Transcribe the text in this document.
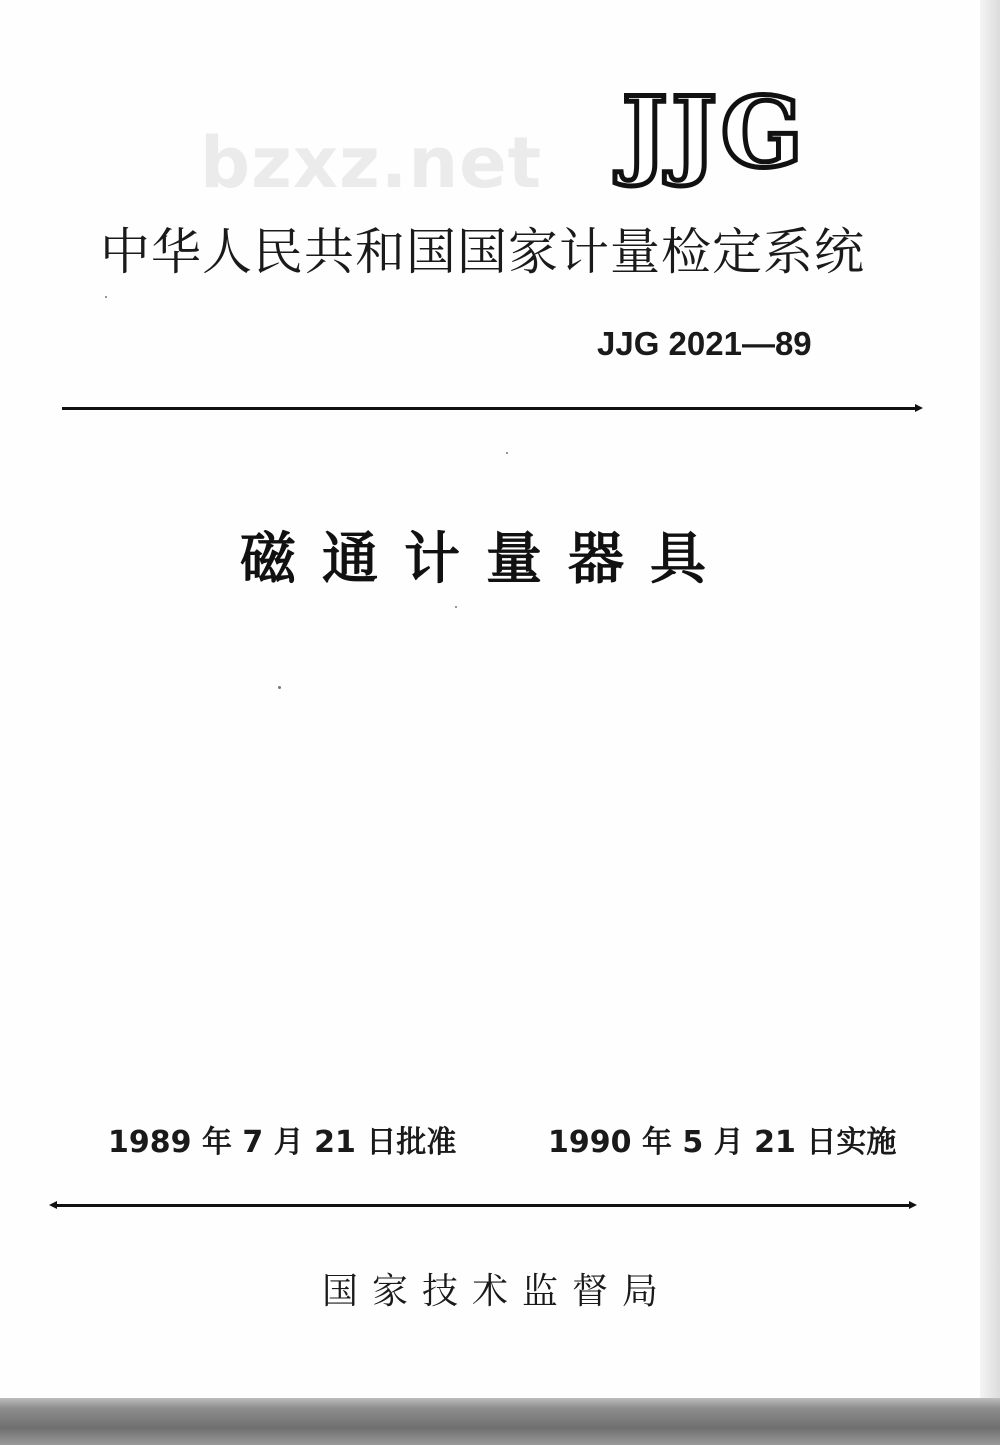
bzxz.net JJG
中华人民共和国国家计量检定系统
JJG 2021—89
磁通计量器具
1989 年 7 月 21 日批准	1990 年 5 月 21 日实施
国家技术监督局
